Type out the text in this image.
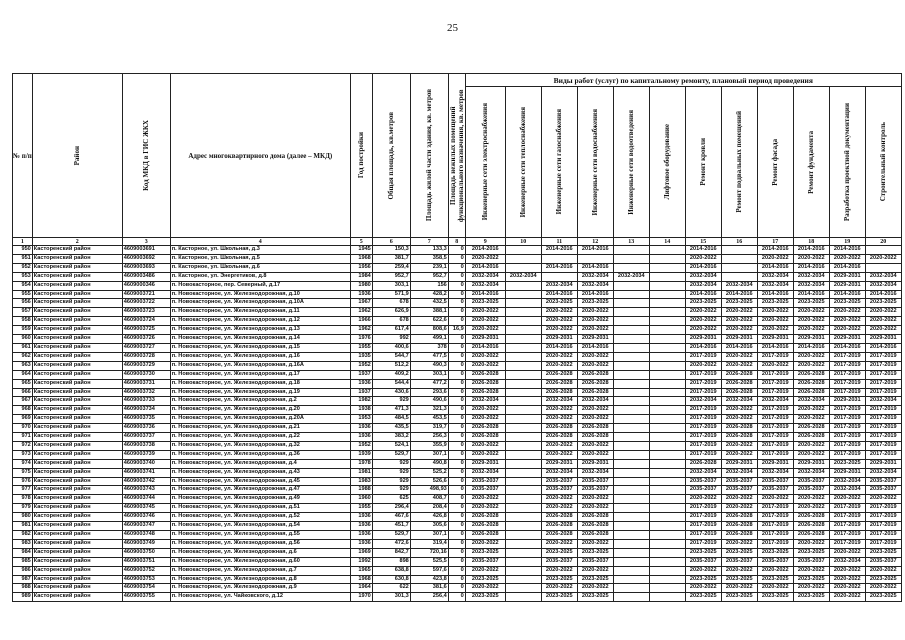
25
№ п/п	Район	Код МКД в ГИС ЖКХ	Адрес многоквартирного дома (далее – МКД)	Год постройки	Общая площадь, кв.метров	Площадь жилой части здания, кв. метров	Площадь нежилых помещений функционального назначения, кв. метров	Виды работ (услуг) по капитальному ремонту, плановый период проведения											

								Инженерные сети электроснабжения	Инженерные сети теплоснабжения	Инженерные сети газоснабжения	Инженерные сети водоснабжения	Инженерные сети водоотведения	Лифтовое оборудование	Ремонт кровли	Ремонт подвальных помещений	Ремонт фасада	Ремонт фундамента	Разработка проектной документации	Строительный контроль

1	2	3	4	5	6	7	8	9	10	11	12	13	14	15	16	17	18	19	20
950	Касторенский район	4609003691	п. Касторное, ул. Школьная, д.3	1945	150,3	133,3	0	2014-2016		2014-2016	2014-2016			2014-2016		2014-2016	2014-2016	2014-2016	
951	Касторенский район	4609003692	п. Касторное, ул. Школьная, д.5	1968	381,7	358,5	0	2020-2022						2020-2022		2020-2022	2020-2022	2020-2022	2020-2022
952	Касторенский район	4609003693	п. Касторное, ул. Школьная, д.6	1956	259,4	239,1	0	2014-2016		2014-2016	2014-2016			2014-2016		2014-2016	2014-2016	2014-2016	
953	Касторенский район	4609003486	п. Касторное, ул. Энергетиков, д.8	1984	952,7	952,7	0	2032-2034	2032-2034		2032-2034	2032-2034		2032-2034		2032-2034	2032-2034	2029-2031	2032-2034
954	Касторенский район	4609000346	п. Новокасторное, пер. Северный, д.17	1980	303,1	156	0	2032-2034		2032-2034	2032-2034			2032-2034	2032-2034	2032-2034	2032-2034	2029-2031	2032-2034
955	Касторенский район	4609003721	п. Новокасторное, ул. Железнодорожная, д.10	1936	571,9	428,2	0	2014-2016		2014-2016	2014-2016			2014-2016	2014-2016	2014-2016	2014-2016	2014-2016	2014-2016
956	Касторенский район	4609003722	п. Новокасторное, ул. Железнодорожная, д.10А	1967	678	432,5	0	2023-2025		2023-2025	2023-2025			2023-2025	2023-2025	2023-2025	2023-2025	2023-2025	2023-2025
957	Касторенский район	4609003723	п. Новокасторное, ул. Железнодорожная, д.11	1962	626,9	388,1	0	2020-2022		2020-2022	2020-2022			2020-2022	2020-2022	2020-2022	2020-2022	2020-2022	2020-2022
958	Касторенский район	4609003724	п. Новокасторное, ул. Железнодорожная, д.12	1966	678	622,6	0	2020-2022		2020-2022	2020-2022			2020-2022	2020-2022	2020-2022	2020-2022	2020-2022	2020-2022
959	Касторенский район	4609003725	п. Новокасторное, ул. Железнодорожная, д.13	1962	617,4	808,6	16,9	2020-2022		2020-2022	2020-2022			2020-2022	2020-2022	2020-2022	2020-2022	2020-2022	2020-2022
960	Касторенский район	4609003726	п. Новокасторное, ул. Железнодорожная, д.14	1976	992	499,1	0	2029-2031		2029-2031	2029-2031			2029-2031	2029-2031	2029-2031	2029-2031	2029-2031	2029-2031
961	Касторенский район	4609003727	п. Новокасторное, ул. Железнодорожная, д.15	1955	400,6	378	0	2014-2016		2014-2016	2014-2016			2014-2016	2014-2016	2014-2016	2014-2016	2014-2016	2014-2016
962	Касторенский район	4609003728	п. Новокасторное, ул. Железнодорожная, д.16	1935	544,7	477,5	0	2020-2022		2020-2022	2020-2022			2017-2019	2020-2022	2017-2019	2020-2022	2017-2019	2017-2019
963	Касторенский район	4609003729	п. Новокасторное, ул. Железнодорожная, д.16А	1952	512,2	490,3	0	2020-2022		2020-2022	2020-2022			2020-2022	2020-2022	2020-2022	2020-2022	2017-2019	2017-2019
964	Касторенский район	4609003730	п. Новокасторное, ул. Железнодорожная, д.17	1937	409,2	303,1	0	2026-2028		2026-2028	2026-2028			2017-2019	2026-2028	2017-2019	2026-2028	2017-2019	2017-2019
965	Касторенский район	4609003731	п. Новокасторное, ул. Железнодорожная, д.18	1936	544,4	477,2	0	2026-2028		2026-2028	2026-2028			2017-2019	2026-2028	2017-2019	2026-2028	2017-2019	2017-2019
966	Касторенский район	4609003732	п. Новокасторное, ул. Железнодорожная, д.19	1937	430,6	293,6	0	2026-2028		2026-2028	2026-2028			2017-2019	2026-2028	2017-2019	2026-2028	2017-2019	2017-2019
967	Касторенский район	4609003733	п. Новокасторное, ул. Железнодорожная, д.2	1982	929	490,6	0	2032-2034		2032-2034	2032-2034			2032-2034	2032-2034	2032-2034	2032-2034	2029-2031	2032-2034
968	Касторенский район	4609003734	п. Новокасторное, ул. Железнодорожная, д.20	1938	471,3	321,3	0	2020-2022		2020-2022	2020-2022			2017-2019	2020-2022	2017-2019	2020-2022	2017-2019	2017-2019
969	Касторенский район	4609003735	п. Новокасторное, ул. Железнодорожная, д.20А	1953	484,5	453,5	0	2020-2022		2020-2022	2020-2022			2017-2019	2020-2022	2017-2019	2020-2022	2017-2019	2017-2019
970	Касторенский район	4609003736	п. Новокасторное, ул. Железнодорожная, д.21	1936	435,5	319,7	0	2026-2028		2026-2028	2026-2028			2017-2019	2026-2028	2017-2019	2026-2028	2017-2019	2017-2019
971	Касторенский район	4609003737	п. Новокасторное, ул. Железнодорожная, д.22	1936	383,2	256,3	0	2026-2028		2026-2028	2026-2028			2017-2019	2026-2028	2017-2019	2026-2028	2017-2019	2017-2019
972	Касторенский район	4609003738	п. Новокасторное, ул. Железнодорожная, д.32	1952	524,1	355,9	0	2020-2022		2020-2022	2020-2022			2017-2019	2020-2022	2017-2019	2020-2022	2017-2019	2017-2019
973	Касторенский район	4609003739	п. Новокасторное, ул. Железнодорожная, д.36	1939	529,7	307,1	0	2020-2022		2020-2022	2020-2022			2017-2019	2020-2022	2017-2019	2020-2022	2017-2019	2017-2019
974	Касторенский район	4609003740	п. Новокасторное, ул. Железнодорожная, д.4	1978	929	490,8	0	2029-2031		2029-2031	2029-2031			2026-2028	2029-2031	2029-2031	2029-2031	2023-2025	2029-2031
975	Касторенский район	4609003741	п. Новокасторное, ул. Железнодорожная, д.43	1981	929	525,2	0	2032-2034		2032-2034	2032-2034			2032-2034	2032-2034	2032-2034	2032-2034	2029-2031	2032-2034
976	Касторенский район	4609003742	п. Новокасторное, ул. Железнодорожная, д.45	1983	929	526,6	0	2035-2037		2035-2037	2035-2037			2035-2037	2035-2037	2035-2037	2035-2037	2032-2034	2035-2037
977	Касторенский район	4609003743	п. Новокасторное, ул. Железнодорожная, д.47	1988	929	498,93	0	2035-2037		2035-2037	2035-2037			2035-2037	2035-2037	2035-2037	2035-2037	2032-2034	2035-2037
978	Касторенский район	4609003744	п. Новокасторное, ул. Железнодорожная, д.49	1960	625	408,7	0	2020-2022		2020-2022	2020-2022			2020-2022	2020-2022	2020-2022	2020-2022	2020-2022	2020-2022
979	Касторенский район	4609003745	п. Новокасторное, ул. Железнодорожная, д.51	1955	296,4	208,4	0	2020-2022		2020-2022	2020-2022			2017-2019	2020-2022	2017-2019	2020-2022	2017-2019	2017-2019
980	Касторенский район	4609003746	п. Новокасторное, ул. Железнодорожная, д.52	1936	467,6	426,8	0	2026-2028		2026-2028	2026-2028			2017-2019	2026-2028	2017-2019	2026-2028	2017-2019	2017-2019
981	Касторенский район	4609003747	п. Новокасторное, ул. Железнодорожная, д.54	1936	451,7	305,6	0	2026-2028		2026-2028	2026-2028			2017-2019	2026-2028	2017-2019	2026-2028	2017-2019	2017-2019
982	Касторенский район	4609003748	п. Новокасторное, ул. Железнодорожная, д.55	1936	529,7	307,1	0	2026-2028		2026-2028	2026-2028			2017-2019	2026-2028	2017-2019	2026-2028	2017-2019	2017-2019
983	Касторенский район	4609003749	п. Новокасторное, ул. Железнодорожная, д.56	1936	472,6	319,4	0	2020-2022		2020-2022	2020-2022			2017-2019	2020-2022	2017-2019	2020-2022	2017-2019	2017-2019
984	Касторенский район	4609003750	п. Новокасторное, ул. Железнодорожная, д.6	1969	842,7	720,16	0	2023-2025		2023-2025	2023-2025			2023-2025	2023-2025	2023-2025	2023-2025	2020-2022	2023-2025
985	Касторенский район	4609003751	п. Новокасторное, ул. Железнодорожная, д.60	1992	898	525,5	0	2035-2037		2035-2037	2035-2037			2035-2037	2035-2037	2035-2037	2035-2037	2032-2034	2035-2037
986	Касторенский район	4609003752	п. Новокасторное, ул. Железнодорожная, д.7	1965	638,8	597,6	0	2020-2022		2020-2022	2020-2022			2020-2022	2020-2022	2020-2022	2020-2022	2020-2022	2020-2022
987	Касторенский район	4609003753	п. Новокасторное, ул. Железнодорожная, д.8	1968	630,8	423,8	0	2023-2025		2023-2025	2023-2025			2023-2025	2023-2025	2023-2025	2023-2025	2020-2022	2023-2025
988	Касторенский район	4609003754	п. Новокасторное, ул. Железнодорожная, д.9	1964	622	381,6	0	2020-2022		2020-2022	2020-2022			2020-2022	2020-2022	2020-2022	2020-2022	2020-2022	2020-2022
989	Касторенский район	4609003755	п. Новокасторное, ул. Чайковского, д.12	1970	301,3	256,4	0	2023-2025		2023-2025	2023-2025			2023-2025	2023-2025	2023-2025	2023-2025	2020-2022	2023-2025
